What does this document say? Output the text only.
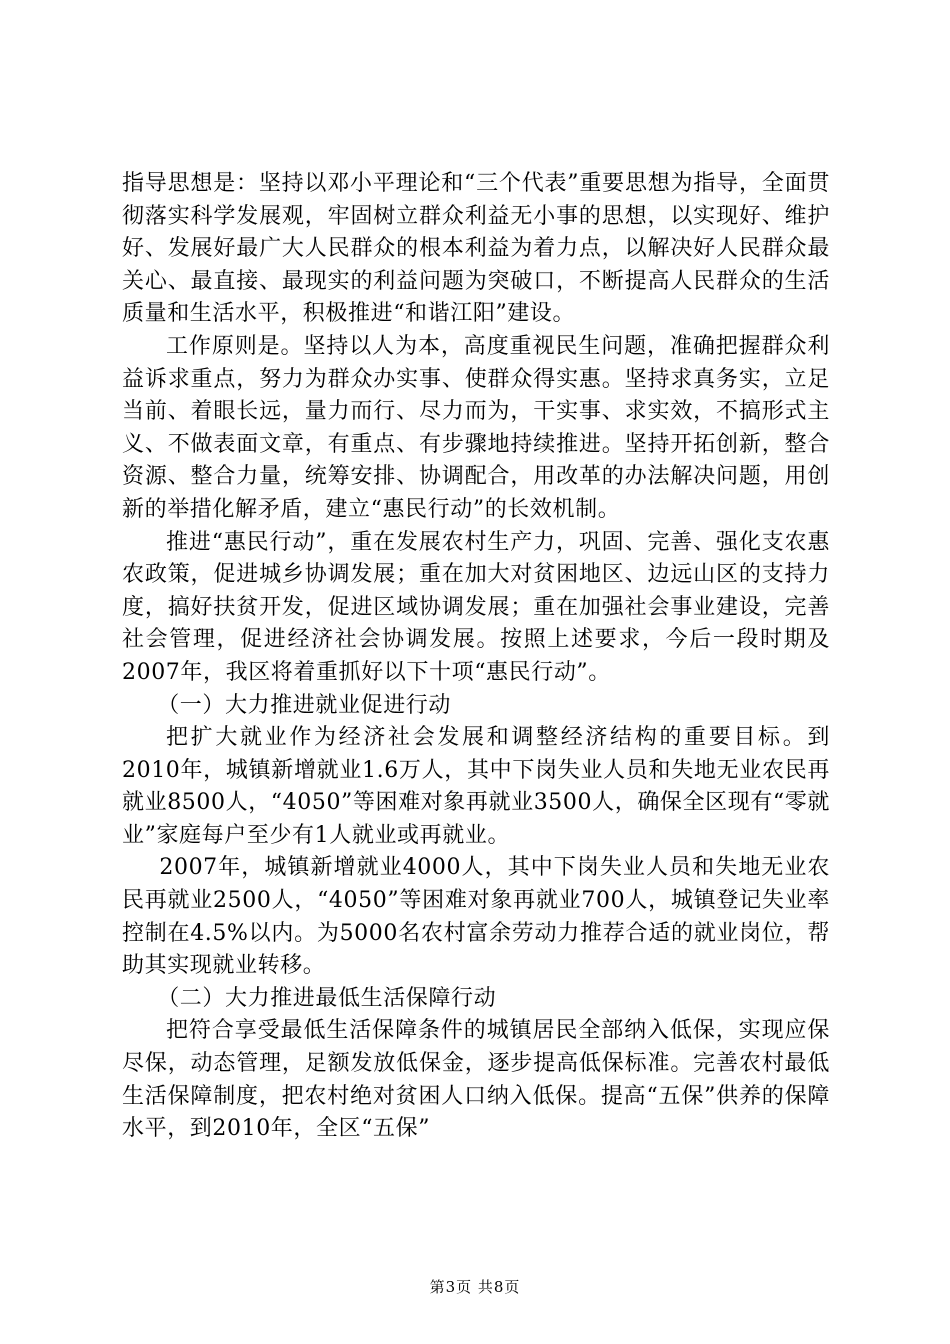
指导思想是：坚持以邓小平理论和“三个代表”重要思想为指导，全面贯彻落实科学发展观，牢固树立群众利益无小事的思想，以实现好、维护好、发展好最广大人民群众的根本利益为着力点，以解决好人民群众最关心、最直接、最现实的利益问题为突破口，不断提高人民群众的生活质量和生活水平，积极推进“和谐江阳”建设。

工作原则是。坚持以人为本，高度重视民生问题，准确把握群众利益诉求重点，努力为群众办实事、使群众得实惠。坚持求真务实，立足当前、着眼长远，量力而行、尽力而为，干实事、求实效，不搞形式主义、不做表面文章，有重点、有步骤地持续推进。坚持开拓创新，整合资源、整合力量，统筹安排、协调配合，用改革的办法解决问题，用创新的举措化解矛盾，建立“惠民行动”的长效机制。

推进“惠民行动”，重在发展农村生产力，巩固、完善、强化支农惠农政策，促进城乡协调发展；重在加大对贫困地区、边远山区的支持力度，搞好扶贫开发，促进区域协调发展；重在加强社会事业建设，完善社会管理，促进经济社会协调发展。按照上述要求，今后一段时期及2007年，我区将着重抓好以下十项“惠民行动”。

（一）大力推进就业促进行动

把扩大就业作为经济社会发展和调整经济结构的重要目标。到2010年，城镇新增就业1.6万人，其中下岗失业人员和失地无业农民再就业8500人，“4050”等困难对象再就业3500人，确保全区现有“零就业”家庭每户至少有1人就业或再就业。

2007年，城镇新增就业4000人，其中下岗失业人员和失地无业农民再就业2500人，“4050”等困难对象再就业700人，城镇登记失业率控制在4.5%以内。为5000名农村富余劳动力推荐合适的就业岗位，帮助其实现就业转移。

（二）大力推进最低生活保障行动

把符合享受最低生活保障条件的城镇居民全部纳入低保，实现应保尽保，动态管理，足额发放低保金，逐步提高低保标准。完善农村最低生活保障制度，把农村绝对贫困人口纳入低保。提高“五保”供养的保障水平，到2010年，全区“五保”

第3页 共8页
